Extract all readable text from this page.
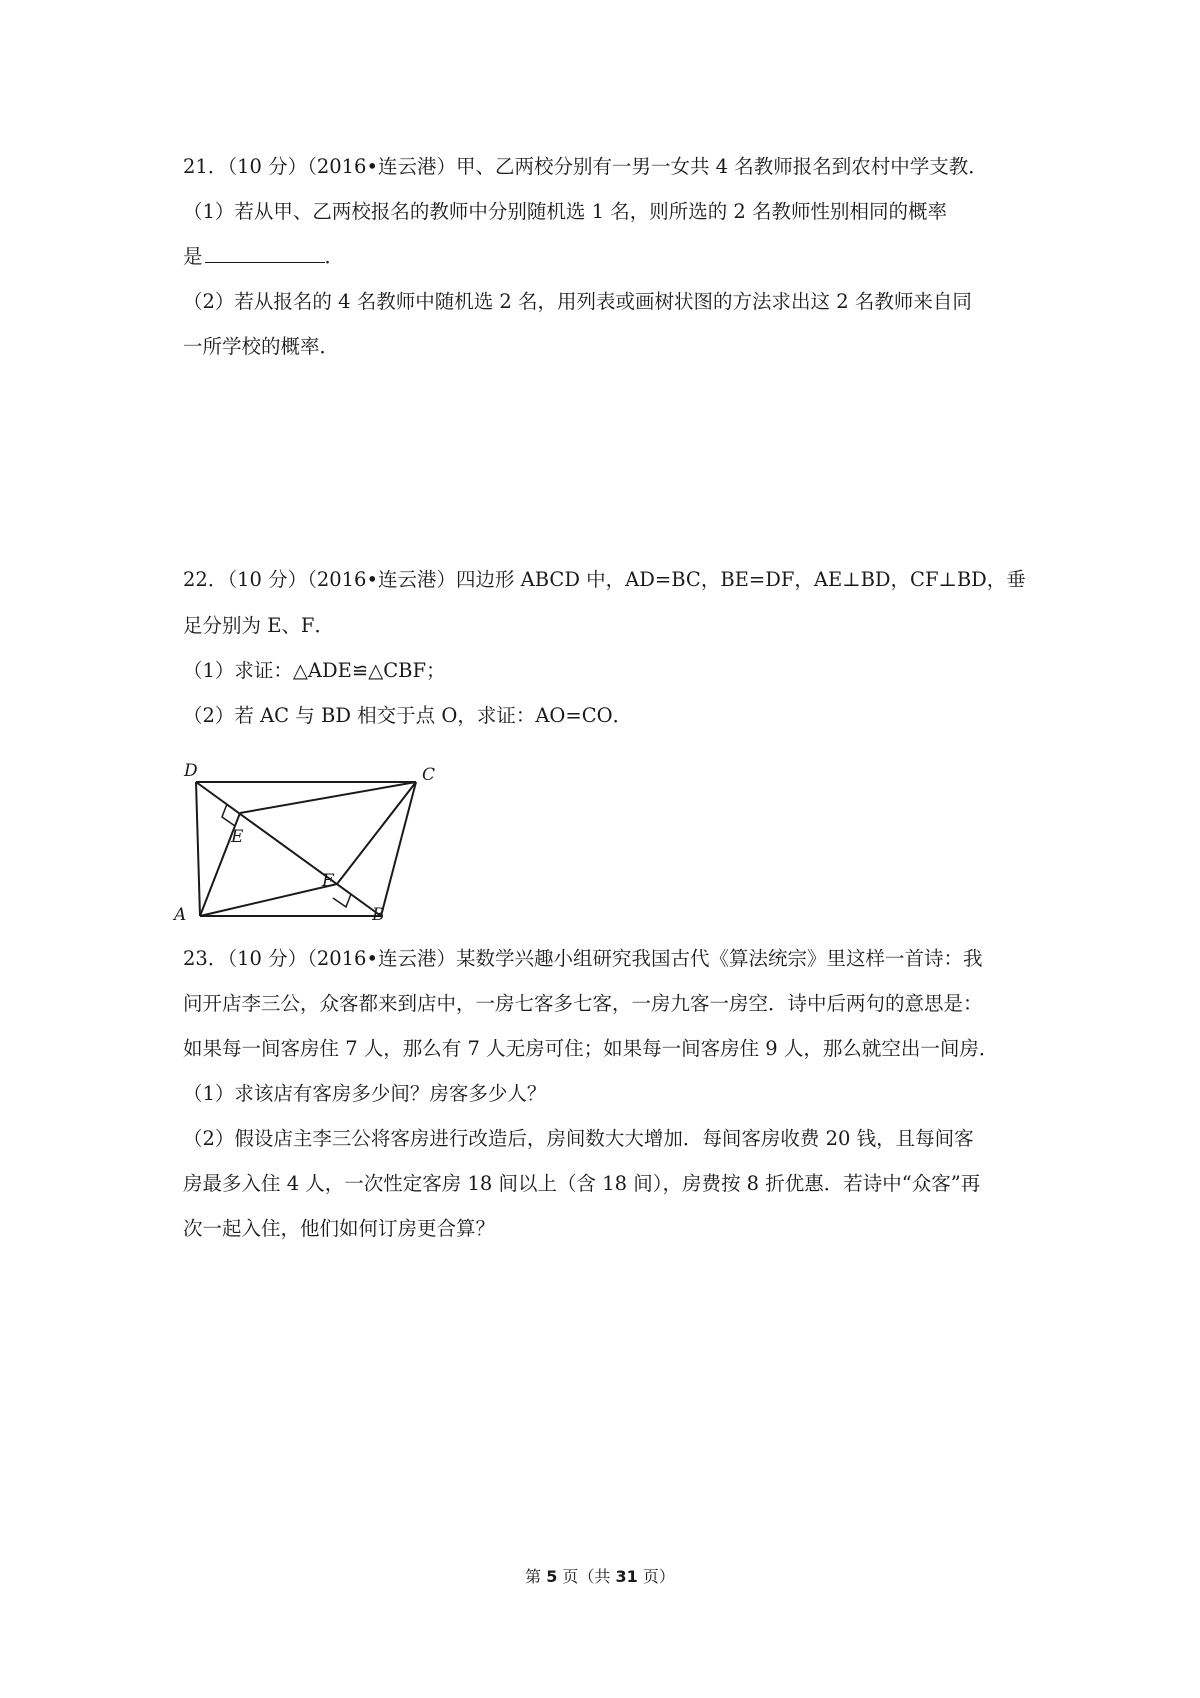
21．（10 分）（2016•连云港）甲、乙两校分别有一男一女共 4 名教师报名到农村中学支教．
（1）若从甲、乙两校报名的教师中分别随机选 1 名，则所选的 2 名教师性别相同的概率
是	．
（2）若从报名的 4 名教师中随机选 2 名，用列表或画树状图的方法求出这 2 名教师来自同
一所学校的概率．
22．（10 分）（2016•连云港）四边形 ABCD 中，AD=BC，BE=DF，AE⊥BD，CF⊥BD，垂
足分别为 E、F．
（1）求证：△ADE≌△CBF；
（2）若 AC 与 BD 相交于点 O，求证：AO=CO．
D	C
E
F
A	B
23．（10 分）（2016•连云港）某数学兴趣小组研究我国古代《算法统宗》里这样一首诗：我
问开店李三公，众客都来到店中，一房七客多七客，一房九客一房空．诗中后两句的意思是：
如果每一间客房住 7 人，那么有 7 人无房可住；如果每一间客房住 9 人，那么就空出一间房．
（1）求该店有客房多少间？房客多少人？
（2）假设店主李三公将客房进行改造后，房间数大大增加．每间客房收费 20 钱，且每间客
房最多入住 4 人，一次性定客房 18 间以上（含 18 间），房费按 8 折优惠．若诗中“众客”再
次一起入住，他们如何订房更合算？
第 5 页（共 31 页）
